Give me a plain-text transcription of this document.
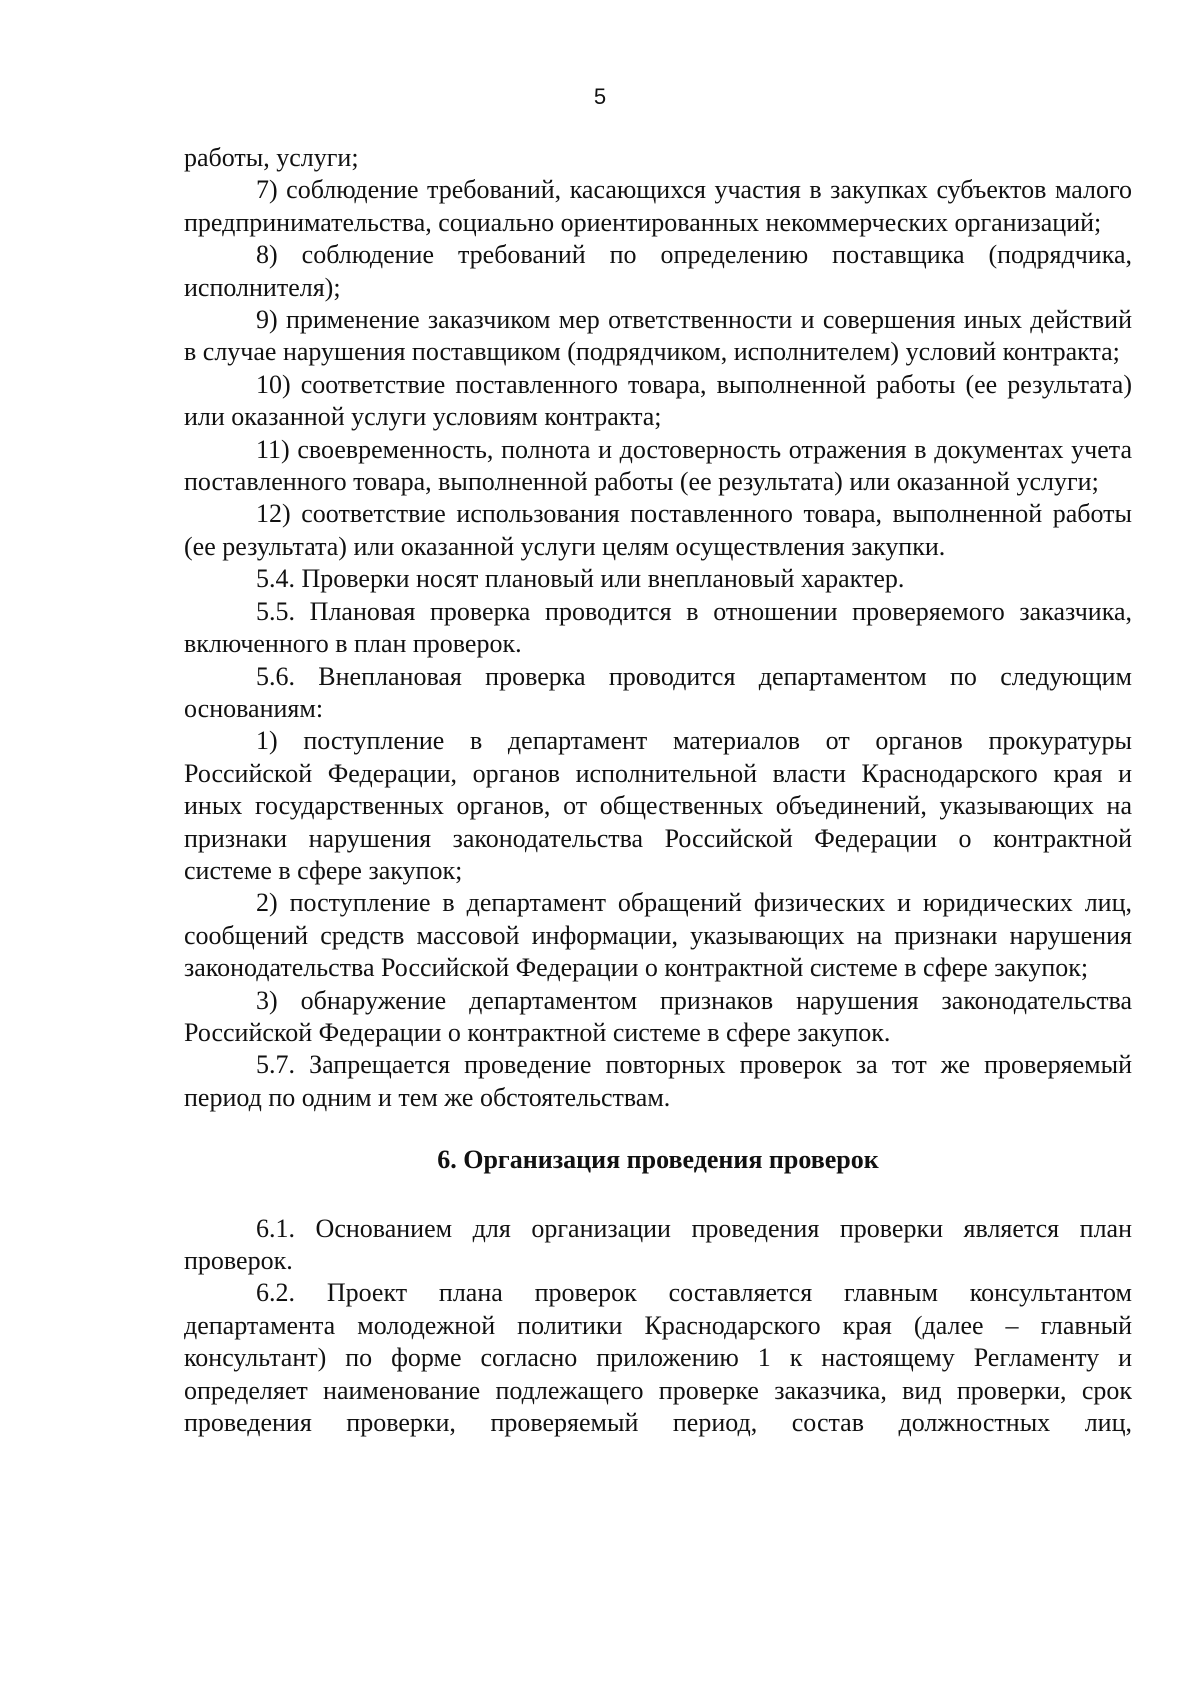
5

работы, услуги;

7) соблюдение требований, касающихся участия в закупках субъектов малого предпринимательства, социально ориентированных некоммерческих организаций;

8) соблюдение требований по определению поставщика (подрядчика, исполнителя);

9) применение заказчиком мер ответственности и совершения иных действий в случае нарушения поставщиком (подрядчиком, исполнителем) условий контракта;

10) соответствие поставленного товара, выполненной работы (ее результата) или оказанной услуги условиям контракта;

11) своевременность, полнота и достоверность отражения в документах учета поставленного товара, выполненной работы (ее результата) или оказанной услуги;

12) соответствие использования поставленного товара, выполненной работы (ее результата) или оказанной услуги целям осуществления закупки.

5.4. Проверки носят плановый или внеплановый характер.

5.5. Плановая проверка проводится в отношении проверяемого заказчика, включенного в план проверок.

5.6. Внеплановая проверка проводится департаментом по следующим основаниям:

1) поступление в департамент материалов от органов прокуратуры Российской Федерации, органов исполнительной власти Краснодарского края и иных государственных органов, от общественных объединений, указывающих на признаки нарушения законодательства Российской Федерации о контрактной системе в сфере закупок;

2) поступление в департамент обращений физических и юридических лиц, сообщений средств массовой информации, указывающих на признаки нарушения законодательства Российской Федерации о контрактной системе в сфере закупок;

3) обнаружение департаментом признаков нарушения законодательства Российской Федерации о контрактной системе в сфере закупок.

5.7. Запрещается проведение повторных проверок за тот же проверяемый период по одним и тем же обстоятельствам.

6. Организация проведения проверок

6.1. Основанием для организации проведения проверки является план проверок.

6.2. Проект плана проверок составляется главным консультантом департамента молодежной политики Краснодарского края (далее – главный консультант) по форме согласно приложению 1 к настоящему Регламенту и определяет наименование подлежащего проверке заказчика, вид проверки, срок проведения проверки, проверяемый период, состав должностных лиц,
